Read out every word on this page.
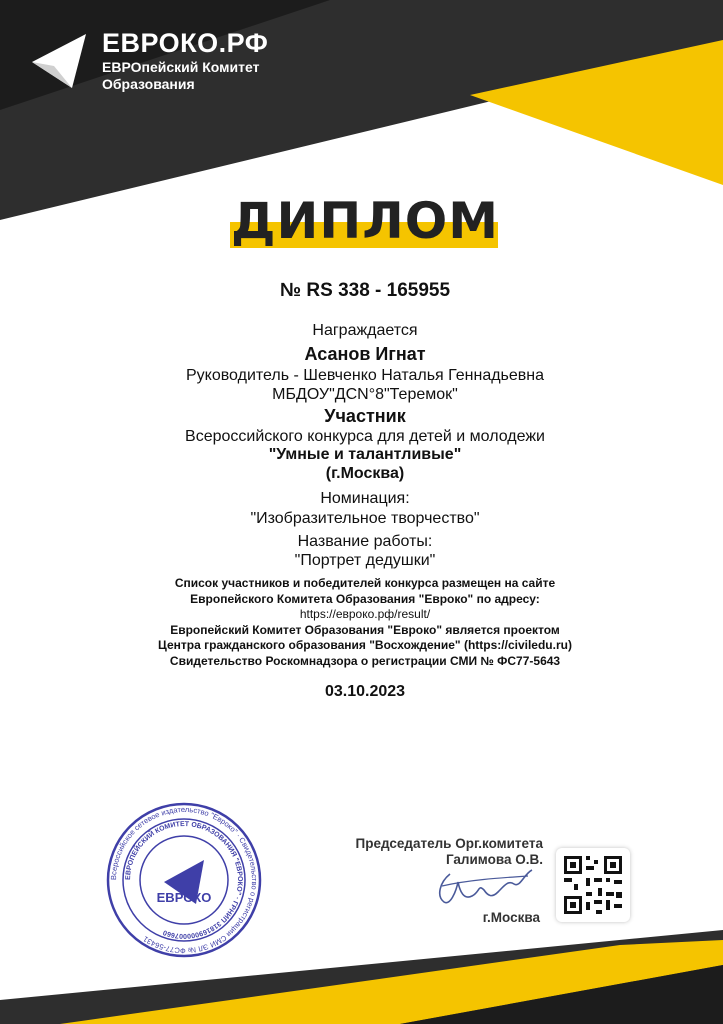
ЕВРОКО.РФ
ЕВРОпейский Комитет
Образования
ДИПЛОМ
№ RS 338 - 165955
Награждается
Асанов Игнат
Руководитель - Шевченко Наталья Геннадьевна
МБДОУ"ДСN°8"Теремок"
Участник
Всероссийского конкурса для детей и молодежи
"Умные и талантливые"
(г.Москва)
Номинация:
"Изобразительное творчество"
Название работы:
"Портрет дедушки"
Список участников и победителей конкурса размещен на сайте
Европейского Комитета Образования "Евроко" по адресу:
https://евроко.рф/result/
Европейский Комитет Образования "Евроко" является проектом
Центра гражданского образования "Восхождение" (https://civiledu.ru)
Свидетельство Роскомнадзора о регистрации СМИ № ФС77-5643
03.10.2023
Всероссийское сетевое издательство "Евроко" · Свидетельство о регистрации СМИ ЭЛ № ФС77-56431
ЕВРОПЕЙСКИЙ КОМИТЕТ ОБРАЗОВАНИЯ "ЕВРОКО" · ГРНИП 318169000007660
ЕВРОКО
Председатель Орг.комитета
Галимова О.В.
г.Москва
